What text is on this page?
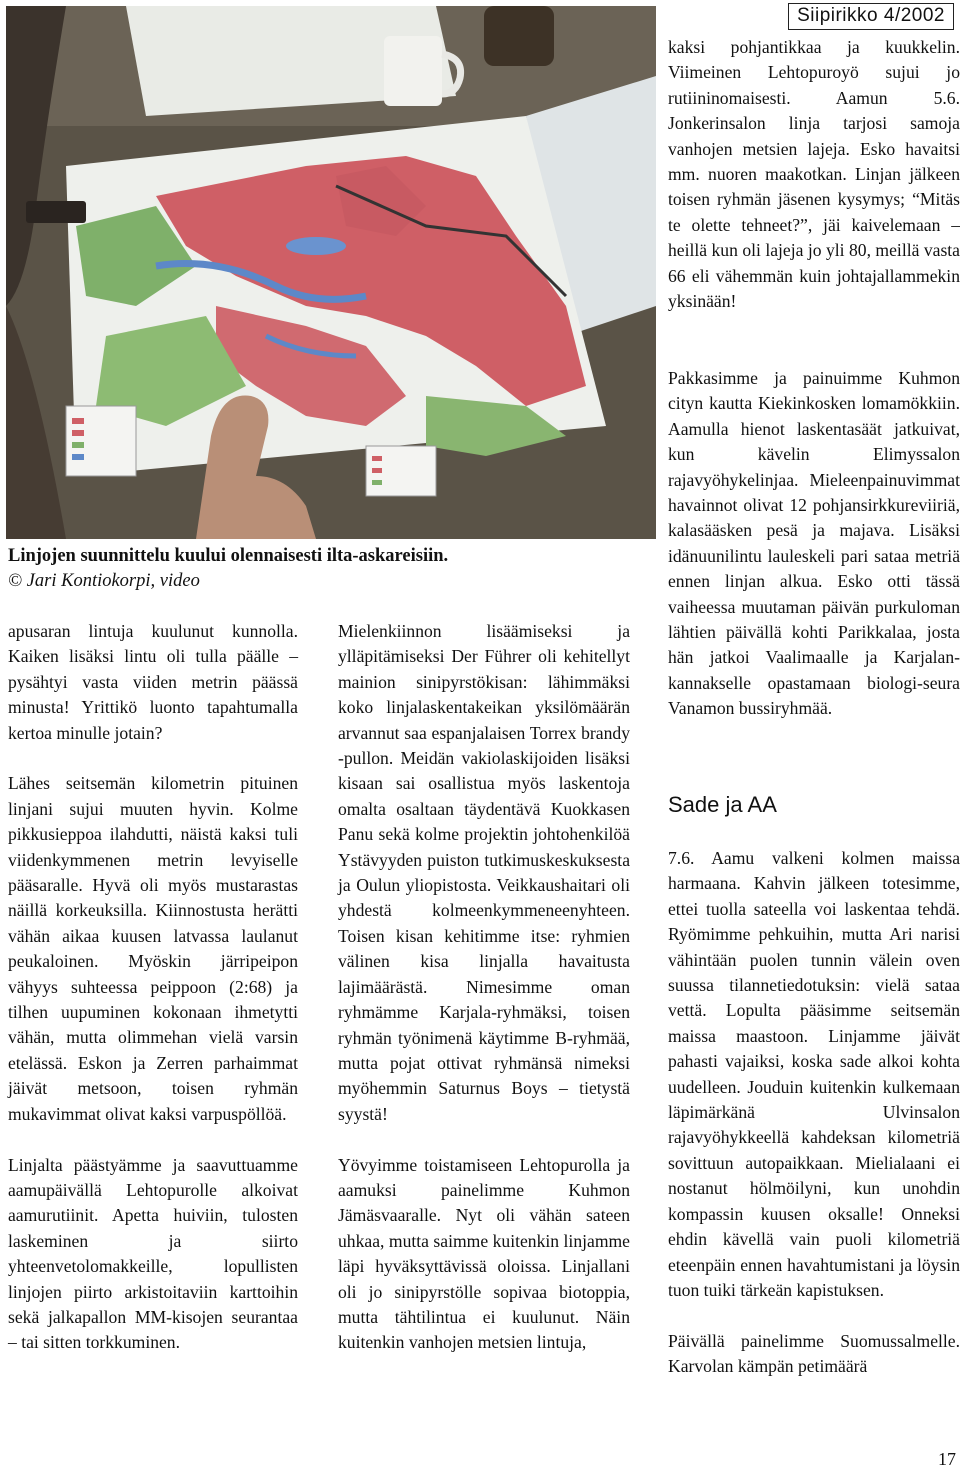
Siipirikko 4/2002
Linjojen suunnittelu kuului olennaisesti ilta-askareisiin.
© Jari Kontiokorpi, video

apusaran lintuja kuulunut kunnolla. Kaiken lisäksi lintu oli tulla päälle – pysähtyi vasta viiden metrin päässä minusta! Yrittikö luonto tapahtumalla kertoa minulle jotain?

Lähes seitsemän kilometrin pituinen linjani sujui muuten hyvin. Kolme pikkusieppoa ilahdutti, näistä kaksi tuli viidenkymmenen metrin levyiselle pääsaralle. Hyvä oli myös mustarastas näillä korkeuksilla. Kiinnostusta herätti vähän aikaa kuusen latvassa laulanut peukaloinen. Myöskin järripeipon vähyys suhteessa peippoon (2:68) ja tilhen uupuminen kokonaan ihmetytti vähän, mutta olimmehan vielä varsin etelässä. Eskon ja Zerren parhaimmat jäivät metsoon, toisen ryhmän mukavimmat olivat kaksi varpuspöllöä.

Linjalta päästyämme ja saavuttuamme aamupäivällä Lehtopurolle alkoivat aamurutiinit. Apetta huiviin, tulosten laskeminen ja siirto yhteenvetolomakkeille, lopullisten linjojen piirto arkistoitaviin karttoihin sekä jalkapallon MM-kisojen seurantaa – tai sitten torkkuminen.

Mielenkiinnon lisäämiseksi ja ylläpitämiseksi Der Führer oli kehitellyt mainion sinipyrstökisan: lähimmäksi koko linjalaskentakeikan yksilömäärän arvannut saa espanjalaisen Torrex brandy -pullon. Meidän vakiolaskijoiden lisäksi kisaan sai osallistua myös laskentoja omalta osaltaan täydentävä Kuokkasen Panu sekä kolme projektin johtohenkilöä Ystävyyden puiston tutkimuskeskuksesta ja Oulun yliopistosta. Veikkaushaitari oli yhdestä kolmeenkymmeneenyhteen. Toisen kisan kehitimme itse: ryhmien välinen kisa linjalla havaitusta lajimäärästä. Nimesimme oman ryhmämme Karjala-ryhmäksi, toisen ryhmän työnimenä käytimme B-ryhmää, mutta pojat ottivat ryhmänsä nimeksi myöhemmin Saturnus Boys – tietystä syystä!

Yövyimme toistamiseen Lehtopurolla ja aamuksi painelimme Kuhmon Jämäsvaaralle. Nyt oli vähän sateen uhkaa, mutta saimme kuitenkin linjamme läpi hyväksyttävissä oloissa. Linjallani oli jo sinipyrstölle sopivaa biotoppia, mutta tähtilintua ei kuulunut. Näin kuitenkin vanhojen metsien lintuja,

kaksi pohjantikkaa ja kuukkelin. Viimeinen Lehtopuroyö sujui jo rutiininomaisesti. Aamun 5.6. Jonkerinsalon linja tarjosi samoja vanhojen metsien lajeja. Esko havaitsi mm. nuoren maakotkan. Linjan jälkeen toisen ryhmän jäsenen kysymys; “Mitäs te olette tehneet?”, jäi kaivelemaan – heillä kun oli lajeja jo yli 80, meillä vasta 66 eli vähemmän kuin johtajallammekin yksinään!

Pakkasimme ja painuimme Kuhmon cityn kautta Kiekinkosken lomamökkiin. Aamulla hienot laskentasäät jatkuivat, kun kävelin Elimyssalon rajavyöhykelinjaa. Mieleenpainuvimmat havainnot olivat 12 pohjansirkkureviiriä, kalasääsken pesä ja majava. Lisäksi idänuunilintu lauleskeli pari sataa metriä ennen linjan alkua. Esko otti tässä vaiheessa muutaman päivän purkuloman lähtien päivällä kohti Parikkalaa, josta hän jatkoi Vaalimaalle ja Karjalan-kannakselle opastamaan biologi-seura Vanamon bussiryhmää.

Sade ja AA

7.6. Aamu valkeni kolmen maissa harmaana. Kahvin jälkeen totesimme, ettei tuolla sateella voi laskentaa tehdä. Ryömimme pehkuihin, mutta Ari narisi vähintään puolen tunnin välein oven suussa tilannetiedotuksin: vielä sataa vettä. Lopulta pääsimme seitsemän maissa maastoon. Linjamme jäivät pahasti vajaiksi, koska sade alkoi kohta uudelleen. Jouduin kuitenkin kulkemaan läpimärkänä Ulvinsalon rajavyöhykkeellä kahdeksan kilometriä sovittuun autopaikkaan. Mielialaani ei nostanut hölmöilyni, kun unohdin kompassin kuusen oksalle! Onneksi ehdin kävellä vain puoli kilometriä eteenpäin ennen havahtumistani ja löysin tuon tuiki tärkeän kapistuksen.

Päivällä painelimme Suomussalmelle. Karvolan kämpän petimäärä

17
